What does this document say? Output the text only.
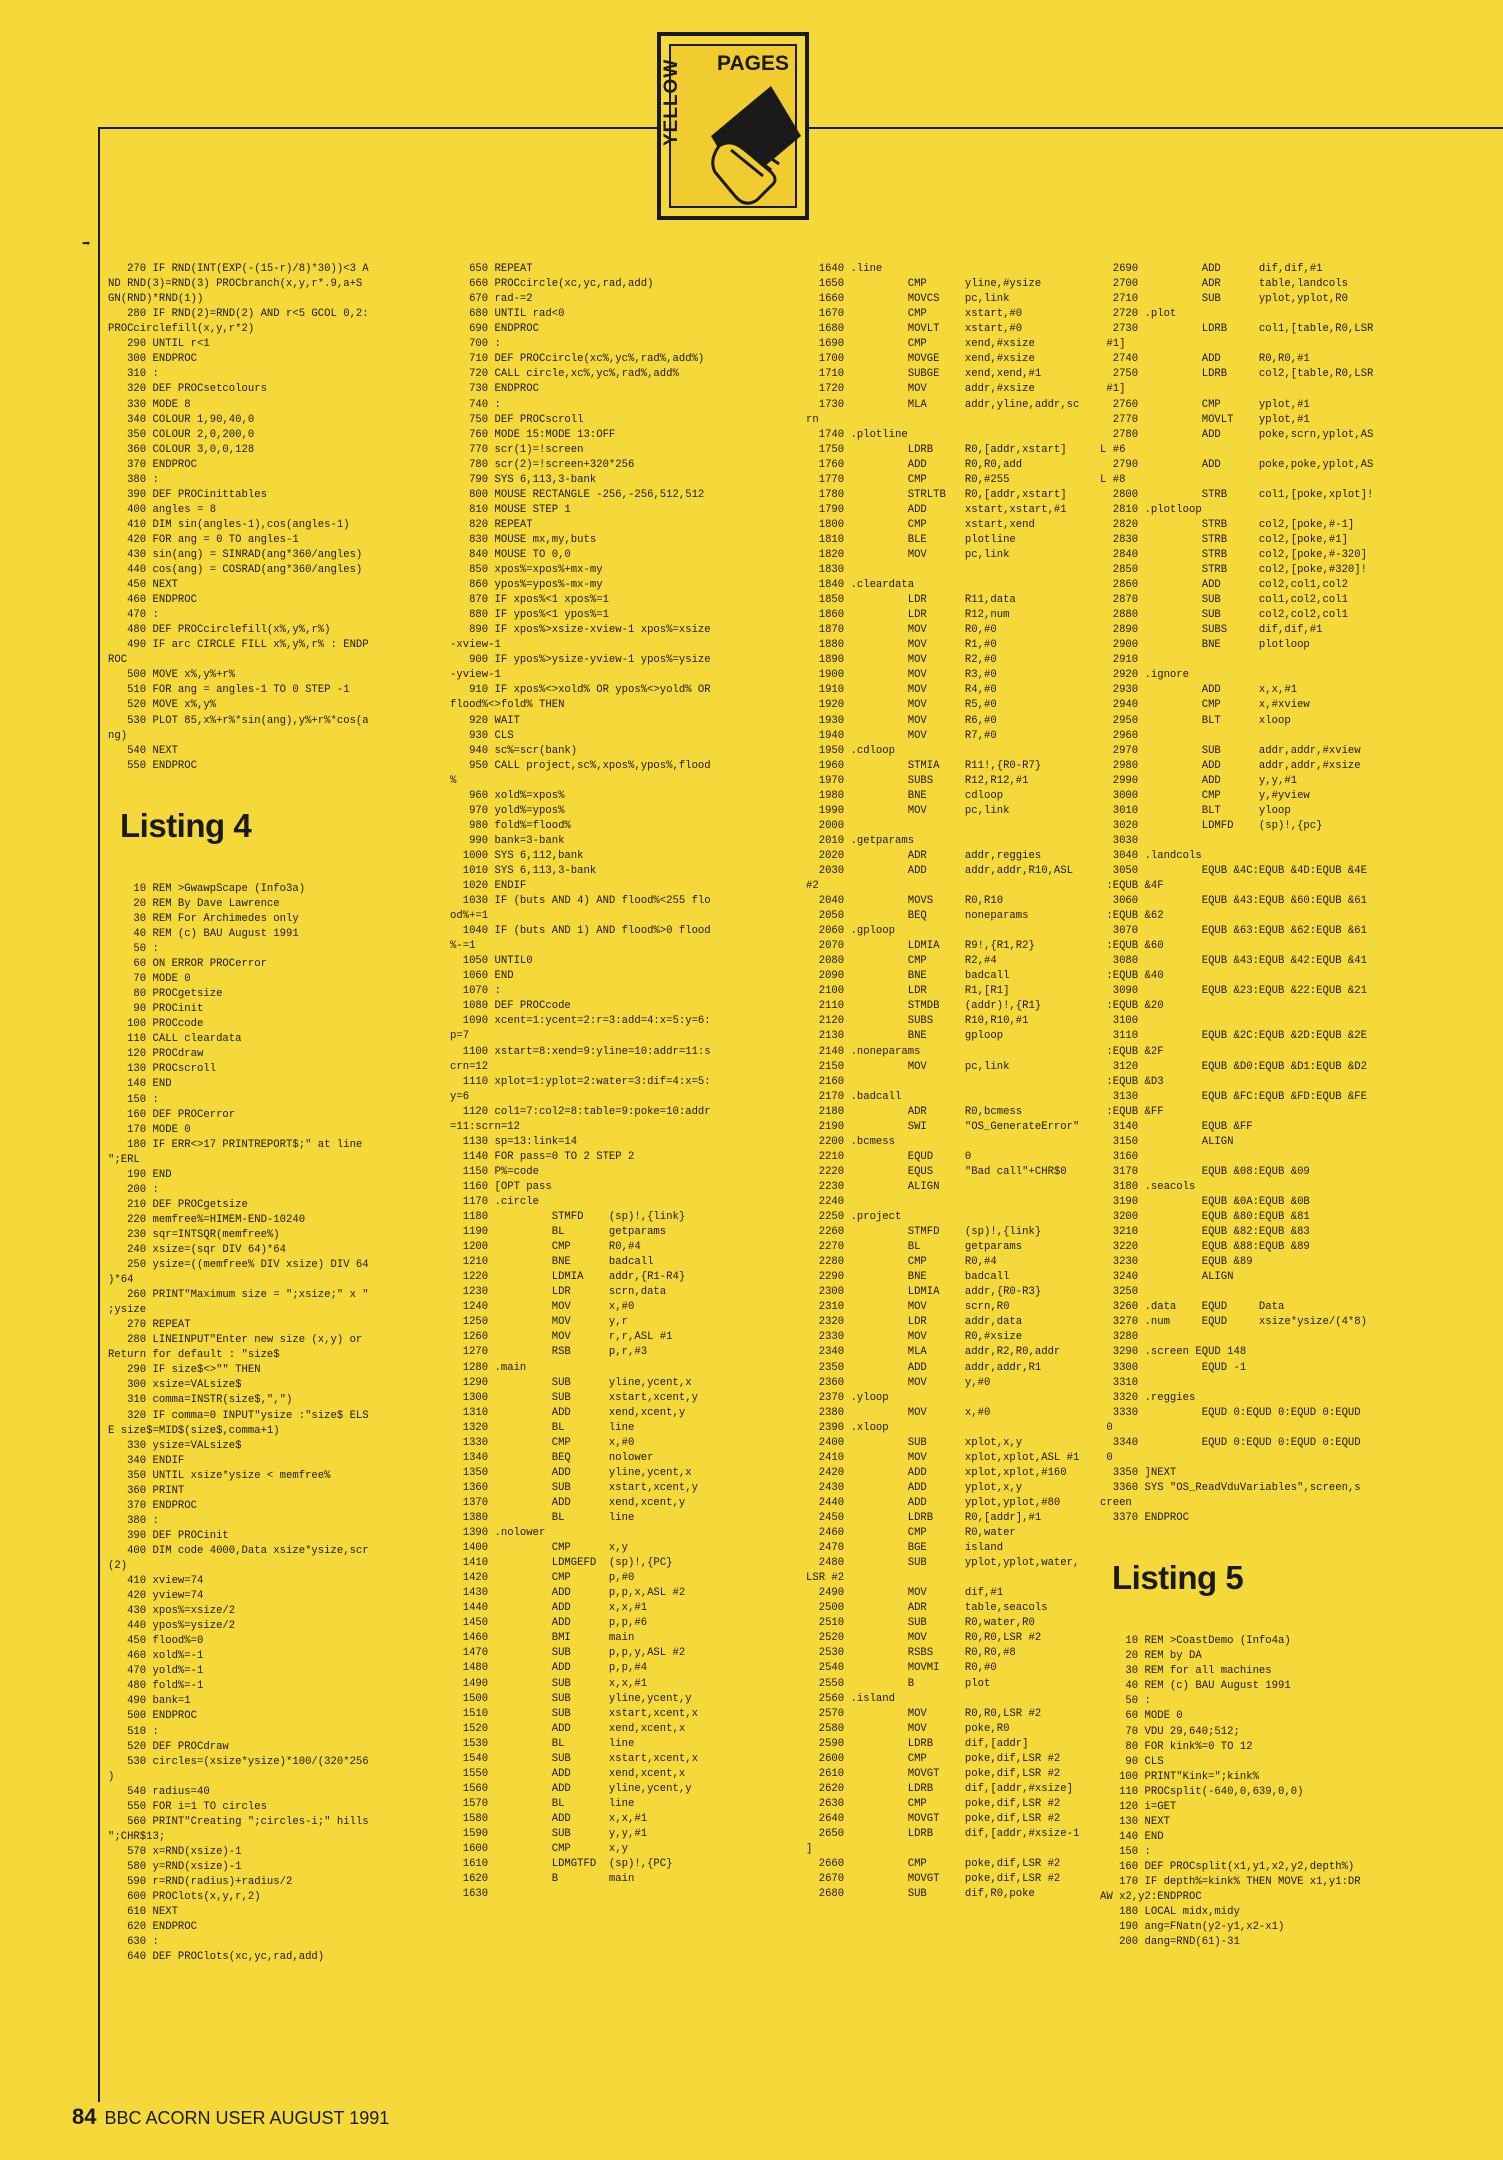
PAGES
YELLOW
➡

270 IF RND(INT(EXP(-(15-r)/8)*30))<3 A
ND RND(3)=RND(3) PROCbranch(x,y,r*.9,a+S
GN(RND)*RND(1))
280 IF RND(2)=RND(2) AND r<5 GCOL 0,2:
PROCcirclefill(x,y,r*2)
290 UNTIL r<1
300 ENDPROC
310 :
320 DEF PROCsetcolours
330 MODE 8
340 COLOUR 1,90,40,0
350 COLOUR 2,0,200,0
360 COLOUR 3,0,0,128
370 ENDPROC
380 :
390 DEF PROCinittables
400 angles = 8
410 DIM sin(angles-1),cos(angles-1)
420 FOR ang = 0 TO angles-1
430 sin(ang) = SINRAD(ang*360/angles)
440 cos(ang) = COSRAD(ang*360/angles)
450 NEXT
460 ENDPROC
470 :
480 DEF PROCcirclefill(x%,y%,r%)
490 IF arc CIRCLE FILL x%,y%,r% : ENDP
ROC
500 MOVE x%,y%+r%
510 FOR ang = angles-1 TO 0 STEP -1
520 MOVE x%,y%
530 PLOT 85,x%+r%*sin(ang),y%+r%*cos(a
ng)
540 NEXT
550 ENDPROC

Listing 4

10 REM >GwawpScape (Info3a)
20 REM By Dave Lawrence
30 REM For Archimedes only
40 REM (c) BAU August 1991
50 :
60 ON ERROR PROCerror
70 MODE 0
80 PROCgetsize
90 PROCinit
100 PROCcode
110 CALL cleardata
120 PROCdraw
130 PROCscroll
140 END
150 :
160 DEF PROCerror
170 MODE 0
180 IF ERR<>17 PRINTREPORT$;" at line
";ERL
190 END
200 :
210 DEF PROCgetsize
220 memfree%=HIMEM-END-10240
230 sqr=INTSQR(memfree%)
240 xsize=(sqr DIV 64)*64
250 ysize=((memfree% DIV xsize) DIV 64
)*64
260 PRINT"Maximum size = ";xsize;" x "
;ysize
270 REPEAT
280 LINEINPUT"Enter new size (x,y) or
Return for default : "size$
290 IF size$<>"" THEN
300 xsize=VALsize$
310 comma=INSTR(size$,",")
320 IF comma=0 INPUT"ysize :"size$ ELS
E size$=MID$(size$,comma+1)
330 ysize=VALsize$
340 ENDIF
350 UNTIL xsize*ysize < memfree%
360 PRINT
370 ENDPROC
380 :
390 DEF PROCinit
400 DIM code 4000,Data xsize*ysize,scr
(2)
410 xview=74
420 yview=74
430 xpos%=xsize/2
440 ypos%=ysize/2
450 flood%=0
460 xold%=-1
470 yold%=-1
480 fold%=-1
490 bank=1
500 ENDPROC
510 :
520 DEF PROCdraw
530 circles=(xsize*ysize)*100/(320*256
)
540 radius=40
550 FOR i=1 TO circles
560 PRINT"Creating ";circles-i;" hills
";CHR$13;
570 x=RND(xsize)-1
580 y=RND(xsize)-1
590 r=RND(radius)+radius/2
600 PROClots(x,y,r,2)
610 NEXT
620 ENDPROC
630 :
640 DEF PROClots(xc,yc,rad,add)

650 REPEAT
660 PROCcircle(xc,yc,rad,add)
670 rad-=2
680 UNTIL rad<0
690 ENDPROC
700 :
710 DEF PROCcircle(xc%,yc%,rad%,add%)
720 CALL circle,xc%,yc%,rad%,add%
730 ENDPROC
740 :
750 DEF PROCscroll
760 MODE 15:MODE 13:OFF
770 scr(1)=!screen
780 scr(2)=!screen+320*256
790 SYS 6,113,3-bank
800 MOUSE RECTANGLE -256,-256,512,512
810 MOUSE STEP 1
820 REPEAT
830 MOUSE mx,my,buts
840 MOUSE TO 0,0
850 xpos%=xpos%+mx-my
860 ypos%=ypos%-mx-my
870 IF xpos%<1 xpos%=1
880 IF ypos%<1 ypos%=1
890 IF xpos%>xsize-xview-1 xpos%=xsize
-xview-1
900 IF ypos%>ysize-yview-1 ypos%=ysize
-yview-1
910 IF xpos%<>xold% OR ypos%<>yold% OR
flood%<>fold% THEN
920 WAIT
930 CLS
940 sc%=scr(bank)
950 CALL project,sc%,xpos%,ypos%,flood
%
960 xold%=xpos%
970 yold%=ypos%
980 fold%=flood%
990 bank=3-bank
1000 SYS 6,112,bank
1010 SYS 6,113,3-bank
1020 ENDIF
1030 IF (buts AND 4) AND flood%<255 flo
od%+=1
1040 IF (buts AND 1) AND flood%>0 flood
%-=1
1050 UNTIL0
1060 END
1070 :
1080 DEF PROCcode
1090 xcent=1:ycent=2:r=3:add=4:x=5:y=6:
p=7
1100 xstart=8:xend=9:yline=10:addr=11:s
crn=12
1110 xplot=1:yplot=2:water=3:dif=4:x=5:
y=6
1120 col1=7:col2=8:table=9:poke=10:addr
=11:scrn=12
1130 sp=13:link=14
1140 FOR pass=0 TO 2 STEP 2
1150 P%=code
1160 [OPT pass
1170 .circle
1180          STMFD    (sp)!,{link}
1190          BL       getparams
1200          CMP      R0,#4
1210          BNE      badcall
1220          LDMIA    addr,{R1-R4}
1230          LDR      scrn,data
1240          MOV      x,#0
1250          MOV      y,r
1260          MOV      r,r,ASL #1
1270          RSB      p,r,#3
1280 .main
1290          SUB      yline,ycent,x
1300          SUB      xstart,xcent,y
1310          ADD      xend,xcent,y
1320          BL       line
1330          CMP      x,#0
1340          BEQ      nolower
1350          ADD      yline,ycent,x
1360          SUB      xstart,xcent,y
1370          ADD      xend,xcent,y
1380          BL       line
1390 .nolower
1400          CMP      x,y
1410          LDMGEFD  (sp)!,{PC}
1420          CMP      p,#0
1430          ADD      p,p,x,ASL #2
1440          ADD      x,x,#1
1450          ADD      p,p,#6
1460          BMI      main
1470          SUB      p,p,y,ASL #2
1480          ADD      p,p,#4
1490          SUB      x,x,#1
1500          SUB      yline,ycent,y
1510          SUB      xstart,xcent,x
1520          ADD      xend,xcent,x
1530          BL       line
1540          SUB      xstart,xcent,x
1550          ADD      xend,xcent,x
1560          ADD      yline,ycent,y
1570          BL       line
1580          ADD      x,x,#1
1590          SUB      y,y,#1
1600          CMP      x,y
1610          LDMGTFD  (sp)!,{PC}
1620          B        main
1630

1640 .line
1650          CMP      yline,#ysize
1660          MOVCS    pc,link
1670          CMP      xstart,#0
1680          MOVLT    xstart,#0
1690          CMP      xend,#xsize
1700          MOVGE    xend,#xsize
1710          SUBGE    xend,xend,#1
1720          MOV      addr,#xsize
1730          MLA      addr,yline,addr,sc
rn
1740 .plotline
1750          LDRB     R0,[addr,xstart]
1760          ADD      R0,R0,add
1770          CMP      R0,#255
1780          STRLTB   R0,[addr,xstart]
1790          ADD      xstart,xstart,#1
1800          CMP      xstart,xend
1810          BLE      plotline
1820          MOV      pc,link
1830
1840 .cleardata
1850          LDR      R11,data
1860          LDR      R12,num
1870          MOV      R0,#0
1880          MOV      R1,#0
1890          MOV      R2,#0
1900          MOV      R3,#0
1910          MOV      R4,#0
1920          MOV      R5,#0
1930          MOV      R6,#0
1940          MOV      R7,#0
1950 .cdloop
1960          STMIA    R11!,{R0-R7}
1970          SUBS     R12,R12,#1
1980          BNE      cdloop
1990          MOV      pc,link
2000
2010 .getparams
2020          ADR      addr,reggies
2030          ADD      addr,addr,R10,ASL
#2
2040          MOVS     R0,R10
2050          BEQ      noneparams
2060 .gploop
2070          LDMIA    R9!,{R1,R2}
2080          CMP      R2,#4
2090          BNE      badcall
2100          LDR      R1,[R1]
2110          STMDB    (addr)!,{R1}
2120          SUBS     R10,R10,#1
2130          BNE      gploop
2140 .noneparams
2150          MOV      pc,link
2160
2170 .badcall
2180          ADR      R0,bcmess
2190          SWI      "OS_GenerateError"
2200 .bcmess
2210          EQUD     0
2220          EQUS     "Bad call"+CHR$0
2230          ALIGN
2240
2250 .project
2260          STMFD    (sp)!,{link}
2270          BL       getparams
2280          CMP      R0,#4
2290          BNE      badcall
2300          LDMIA    addr,{R0-R3}
2310          MOV      scrn,R0
2320          LDR      addr,data
2330          MOV      R0,#xsize
2340          MLA      addr,R2,R0,addr
2350          ADD      addr,addr,R1
2360          MOV      y,#0
2370 .yloop
2380          MOV      x,#0
2390 .xloop
2400          SUB      xplot,x,y
2410          MOV      xplot,xplot,ASL #1
2420          ADD      xplot,xplot,#160
2430          ADD      yplot,x,y
2440          ADD      yplot,yplot,#80
2450          LDRB     R0,[addr],#1
2460          CMP      R0,water
2470          BGE      island
2480          SUB      yplot,yplot,water,
LSR #2
2490          MOV      dif,#1
2500          ADR      table,seacols
2510          SUB      R0,water,R0
2520          MOV      R0,R0,LSR #2
2530          RSBS     R0,R0,#8
2540          MOVMI    R0,#0
2550          B        plot
2560 .island
2570          MOV      R0,R0,LSR #2
2580          MOV      poke,R0
2590          LDRB     dif,[addr]
2600          CMP      poke,dif,LSR #2
2610          MOVGT    poke,dif,LSR #2
2620          LDRB     dif,[addr,#xsize]
2630          CMP      poke,dif,LSR #2
2640          MOVGT    poke,dif,LSR #2
2650          LDRB     dif,[addr,#xsize-1
]
2660          CMP      poke,dif,LSR #2
2670          MOVGT    poke,dif,LSR #2
2680          SUB      dif,R0,poke

2690          ADD      dif,dif,#1
2700          ADR      table,landcols
2710          SUB      yplot,yplot,R0
2720 .plot
2730          LDRB     col1,[table,R0,LSR
#1]
2740          ADD      R0,R0,#1
2750          LDRB     col2,[table,R0,LSR
#1]
2760          CMP      yplot,#1
2770          MOVLT    yplot,#1
2780          ADD      poke,scrn,yplot,AS
L #6
2790          ADD      poke,poke,yplot,AS
L #8
2800          STRB     col1,[poke,xplot]!
2810 .plotloop
2820          STRB     col2,[poke,#-1]
2830          STRB     col2,[poke,#1]
2840          STRB     col2,[poke,#-320]
2850          STRB     col2,[poke,#320]!
2860          ADD      col2,col1,col2
2870          SUB      col1,col2,col1
2880          SUB      col2,col2,col1
2890          SUBS     dif,dif,#1
2900          BNE      plotloop
2910
2920 .ignore
2930          ADD      x,x,#1
2940          CMP      x,#xview
2950          BLT      xloop
2960
2970          SUB      addr,addr,#xview
2980          ADD      addr,addr,#xsize
2990          ADD      y,y,#1
3000          CMP      y,#yview
3010          BLT      yloop
3020          LDMFD    (sp)!,{pc}
3030
3040 .landcols
3050          EQUB &4C:EQUB &4D:EQUB &4E
:EQUB &4F
3060          EQUB &43:EQUB &60:EQUB &61
:EQUB &62
3070          EQUB &63:EQUB &62:EQUB &61
:EQUB &60
3080          EQUB &43:EQUB &42:EQUB &41
:EQUB &40
3090          EQUB &23:EQUB &22:EQUB &21
:EQUB &20
3100
3110          EQUB &2C:EQUB &2D:EQUB &2E
:EQUB &2F
3120          EQUB &D0:EQUB &D1:EQUB &D2
:EQUB &D3
3130          EQUB &FC:EQUB &FD:EQUB &FE
:EQUB &FF
3140          EQUB &FF
3150          ALIGN
3160
3170          EQUB &08:EQUB &09
3180 .seacols
3190          EQUB &0A:EQUB &0B
3200          EQUB &80:EQUB &81
3210          EQUB &82:EQUB &83
3220          EQUB &88:EQUB &89
3230          EQUB &89
3240          ALIGN
3250
3260 .data    EQUD     Data
3270 .num     EQUD     xsize*ysize/(4*8)
3280
3290 .screen EQUD 148
3300          EQUD -1
3310
3320 .reggies
3330          EQUD 0:EQUD 0:EQUD 0:EQUD
0
3340          EQUD 0:EQUD 0:EQUD 0:EQUD
0
3350 ]NEXT
3360 SYS "OS_ReadVduVariables",screen,s
creen
3370 ENDPROC

Listing 5

10 REM >CoastDemo (Info4a)
20 REM by DA
30 REM for all machines
40 REM (c) BAU August 1991
50 :
60 MODE 0
70 VDU 29,640;512;
80 FOR kink%=0 TO 12
90 CLS
100 PRINT"Kink=";kink%
110 PROCsplit(-640,0,639,0,0)
120 i=GET
130 NEXT
140 END
150 :
160 DEF PROCsplit(x1,y1,x2,y2,depth%)
170 IF depth%=kink% THEN MOVE x1,y1:DR
AW x2,y2:ENDPROC
180 LOCAL midx,midy
190 ang=FNatn(y2-y1,x2-x1)
200 dang=RND(61)-31

84 BBC ACORN USER AUGUST 1991
